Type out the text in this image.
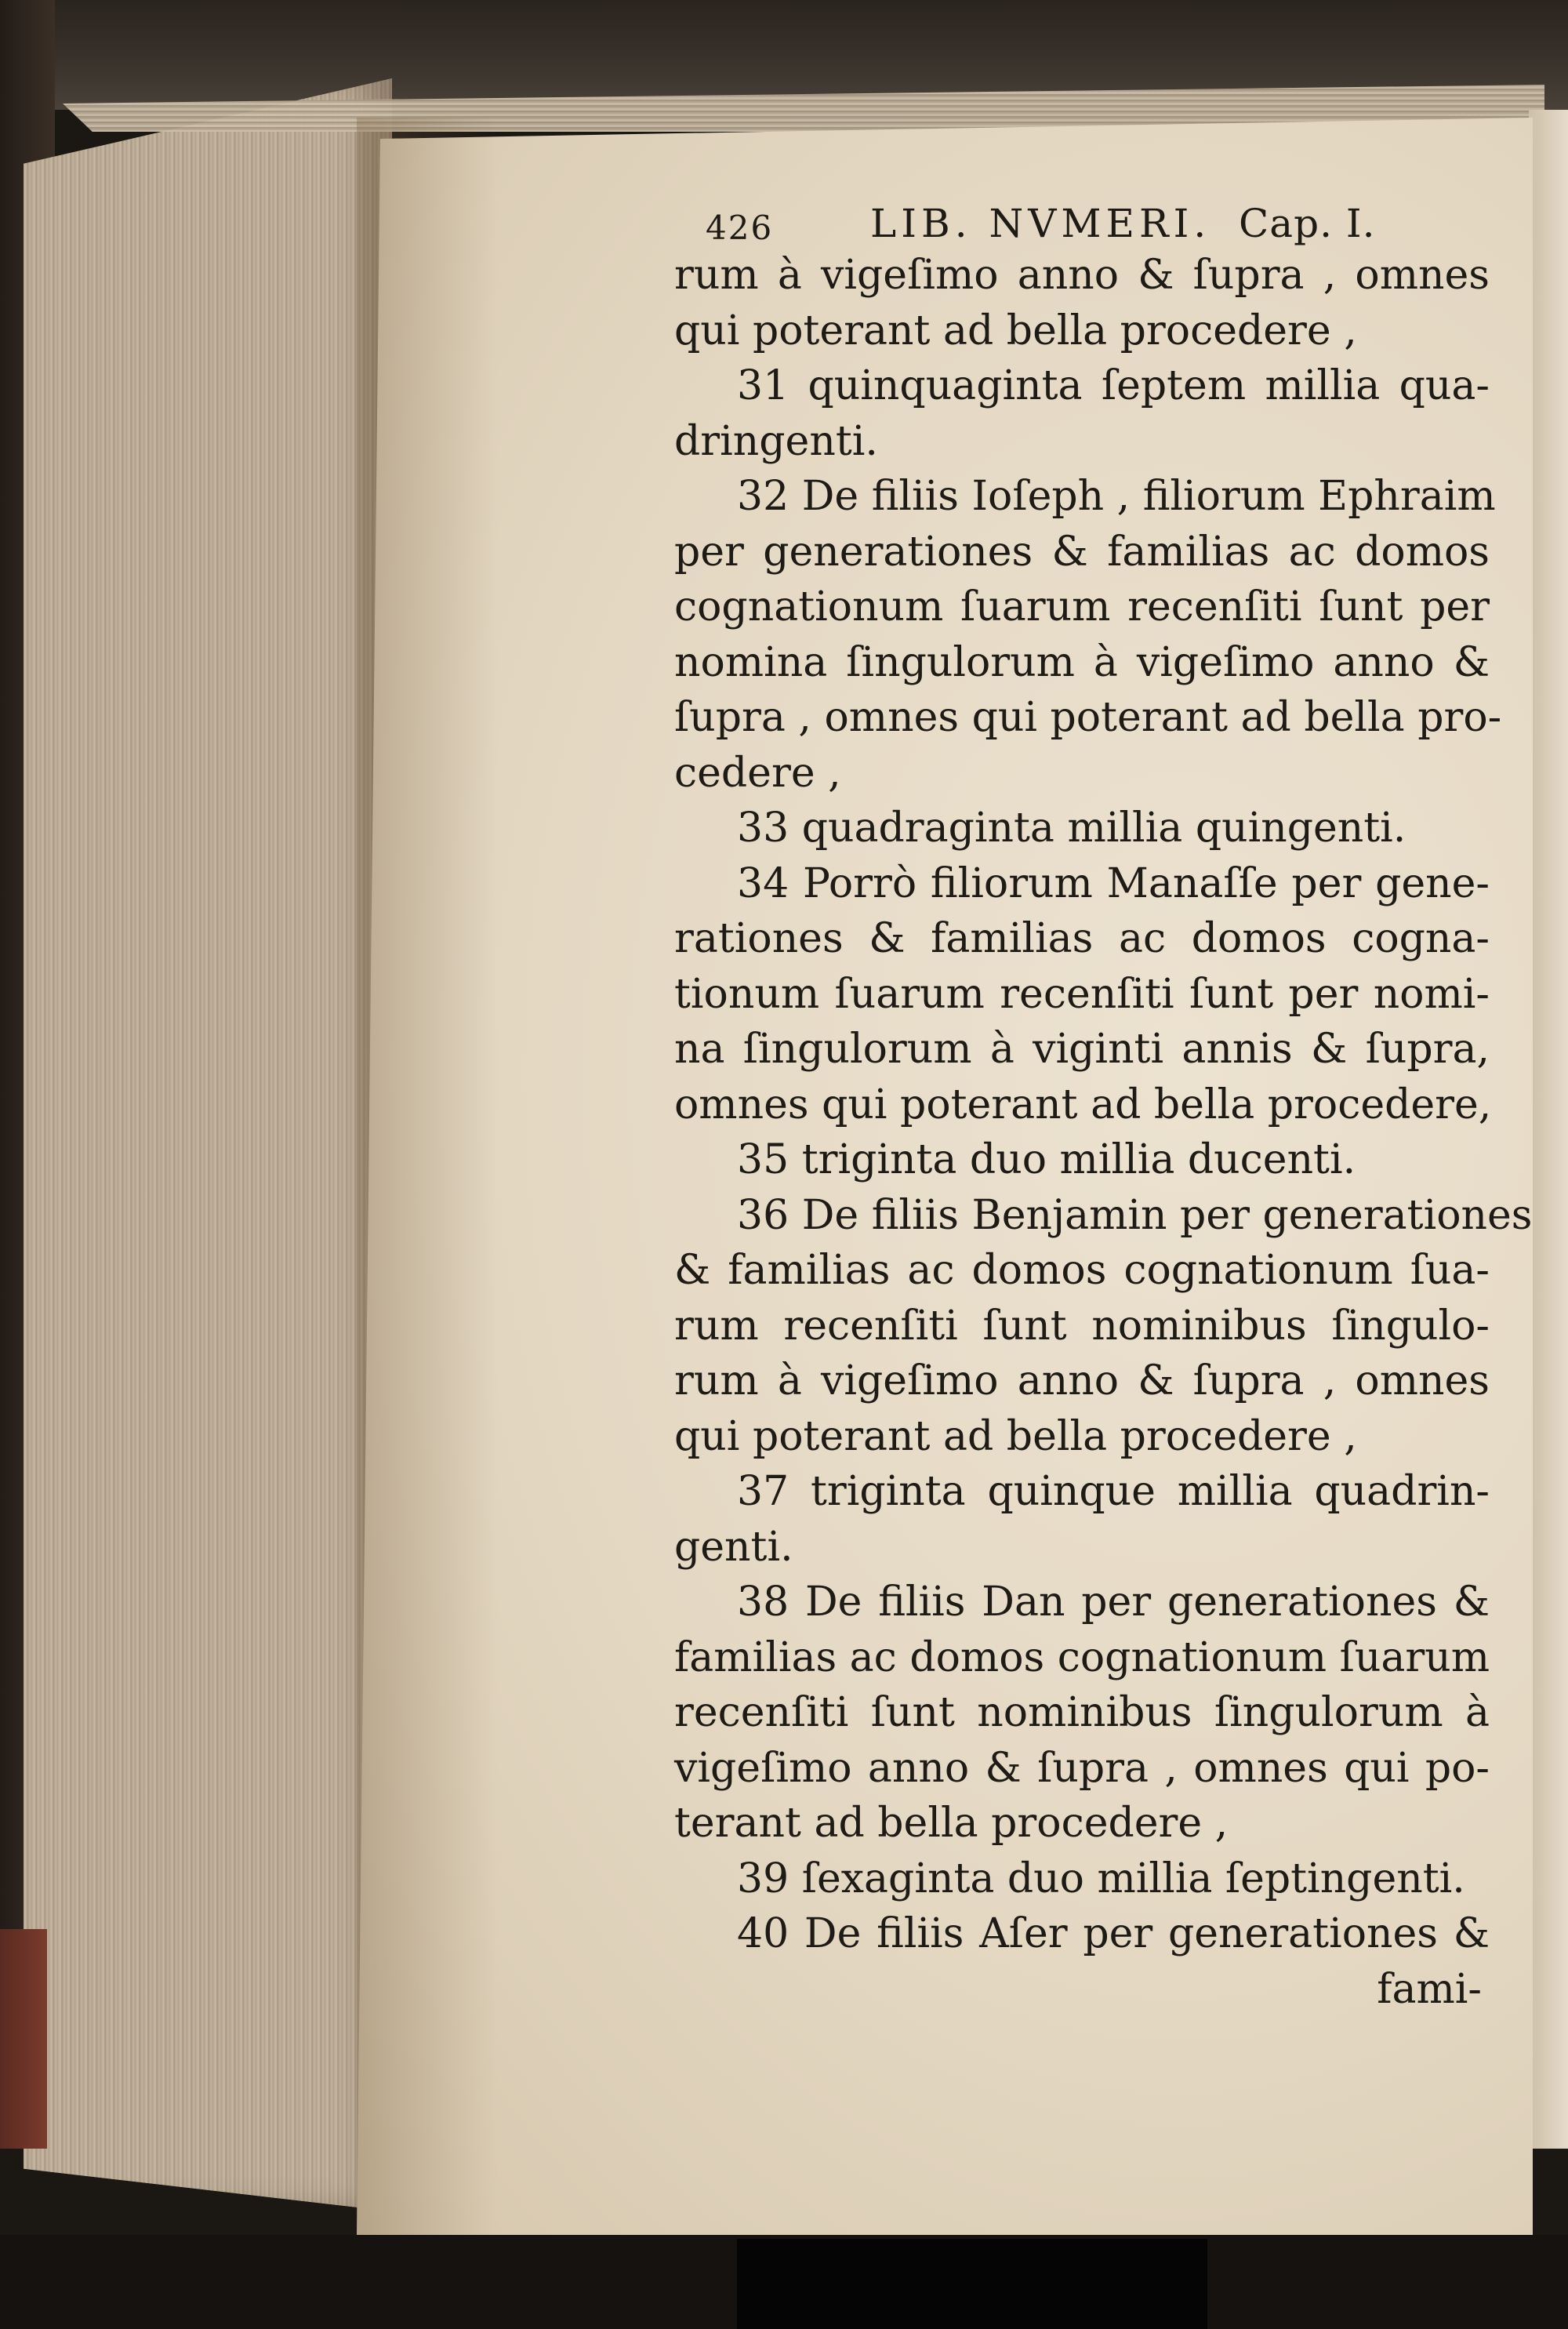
426 LIB. NVMERI. Cap. I.
rum à vigeſimo anno & ſupra , omnes
qui poterant ad bella procedere ,
31 quinquaginta ſeptem millia qua-
dringenti.
32 De filiis Ioſeph , filiorum Ephraim
per generationes & familias ac domos
cognationum ſuarum recenſiti ſunt per
nomina ſingulorum à vigeſimo anno &
ſupra , omnes qui poterant ad bella pro-
cedere ,
33 quadraginta millia quingenti.
34 Porrò filiorum Manaſſe per gene-
rationes & familias ac domos cogna-
tionum ſuarum recenſiti ſunt per nomi-
na ſingulorum à viginti annis & ſupra,
omnes qui poterant ad bella procedere,
35 triginta duo millia ducenti.
36 De filiis Benjamin per generationes
& familias ac domos cognationum ſua-
rum recenſiti ſunt nominibus ſingulo-
rum à vigeſimo anno & ſupra , omnes
qui poterant ad bella procedere ,
37 triginta quinque millia quadrin-
genti.
38 De filiis Dan per generationes &
familias ac domos cognationum ſuarum
recenſiti ſunt nominibus ſingulorum à
vigeſimo anno & ſupra , omnes qui po-
terant ad bella procedere ,
39 ſexaginta duo millia ſeptingenti.
40 De filiis Aſer per generationes &
fami-
